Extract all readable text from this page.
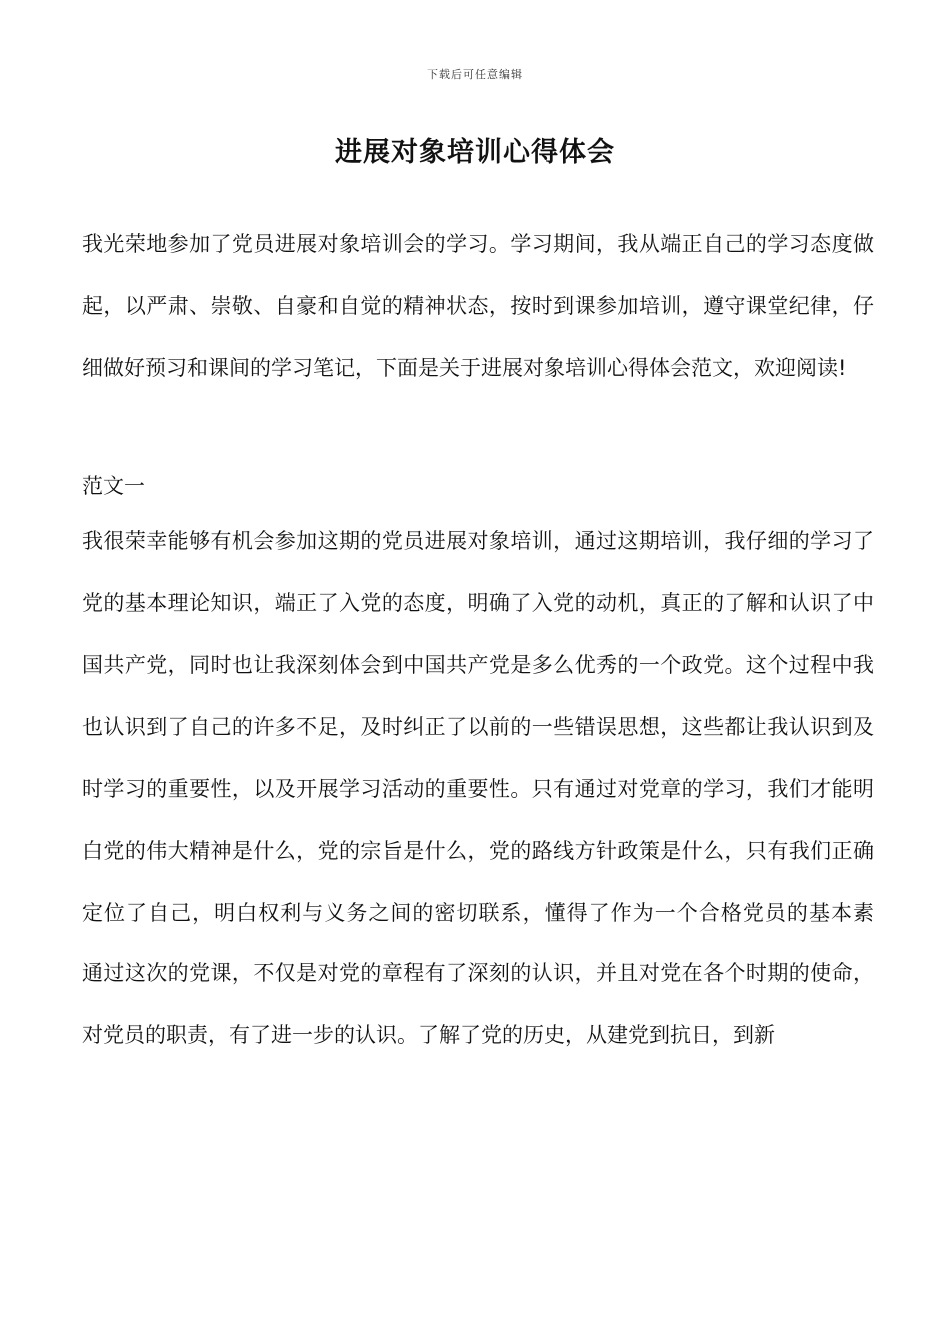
下载后可任意编辑
进展对象培训心得体会

我光荣地参加了党员进展对象培训会的学习。学习期间，我从端正自己的学习态度做起，以严肃、崇敬、自豪和自觉的精神状态，按时到课参加培训，遵守课堂纪律，仔细做好预习和课间的学习笔记，下面是关于进展对象培训心得体会范文，欢迎阅读!

范文一

我很荣幸能够有机会参加这期的党员进展对象培训，通过这期培训，我仔细的学习了党的基本理论知识，端正了入党的态度，明确了入党的动机，真正的了解和认识了中国共产党，同时也让我深刻体会到中国共产党是多么优秀的一个政党。这个过程中我也认识到了自己的许多不足，及时纠正了以前的一些错误思想，这些都让我认识到及时学习的重要性，以及开展学习活动的重要性。只有通过对党章的学习，我们才能明白党的伟大精神是什么，党的宗旨是什么，党的路线方针政策是什么，只有我们正确定位了自己，明白权利与义务之间的密切联系，懂得了作为一个合格党员的基本素

通过这次的党课，不仅是对党的章程有了深刻的认识，并且对党在各个时期的使命，对党员的职责，有了进一步的认识。了解了党的历史，从建党到抗日，到新
